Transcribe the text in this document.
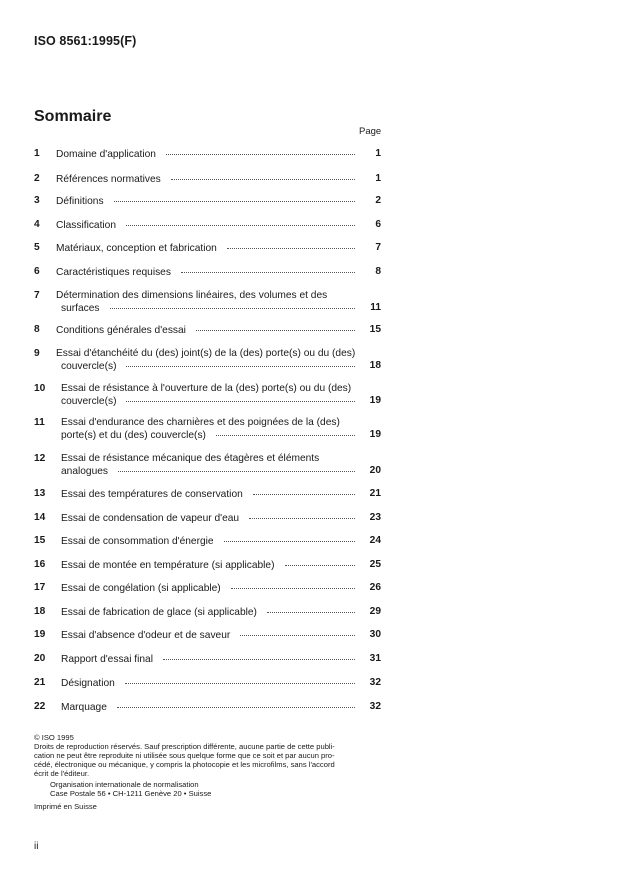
ISO 8561:1995(F)
Sommaire
Page
1 Domaine d'application	1
2 Références normatives	1
3 Définitions	2
4 Classification	6
5 Matériaux, conception et fabrication	7
6 Caractéristiques requises	8
7 Détermination des dimensions linéaires, des volumes et des
surfaces	11
8 Conditions générales d'essai	15
9 Essai d'étanchéité du (des) joint(s) de la (des) porte(s) ou du (des)
couvercle(s)	18
10 Essai de résistance à l'ouverture de la (des) porte(s) ou du (des)
couvercle(s)	19
11 Essai d'endurance des charnières et des poignées de la (des)
porte(s) et du (des) couvercle(s)	19
12 Essai de résistance mécanique des étagères et éléments
analogues	20
13 Essai des températures de conservation	21
14 Essai de condensation de vapeur d'eau	23
15 Essai de consommation d'énergie	24
16 Essai de montée en température (si applicable)	25
17 Essai de congélation (si applicable)	26
18 Essai de fabrication de glace (si applicable)	29
19 Essai d'absence d'odeur et de saveur	30
20 Rapport d'essai final	31
21 Désignation	32
22 Marquage	32
© ISO 1995
Droits de reproduction réservés. Sauf prescription différente, aucune partie de cette publi-
cation ne peut être reproduite ni utilisée sous quelque forme que ce soit et par aucun pro-
cédé, électronique ou mécanique, y compris la photocopie et les microfilms, sans l'accord
écrit de l'éditeur.
Organisation internationale de normalisation
Case Postale 56 • CH-1211 Genève 20 • Suisse
Imprimé en Suisse
ii
